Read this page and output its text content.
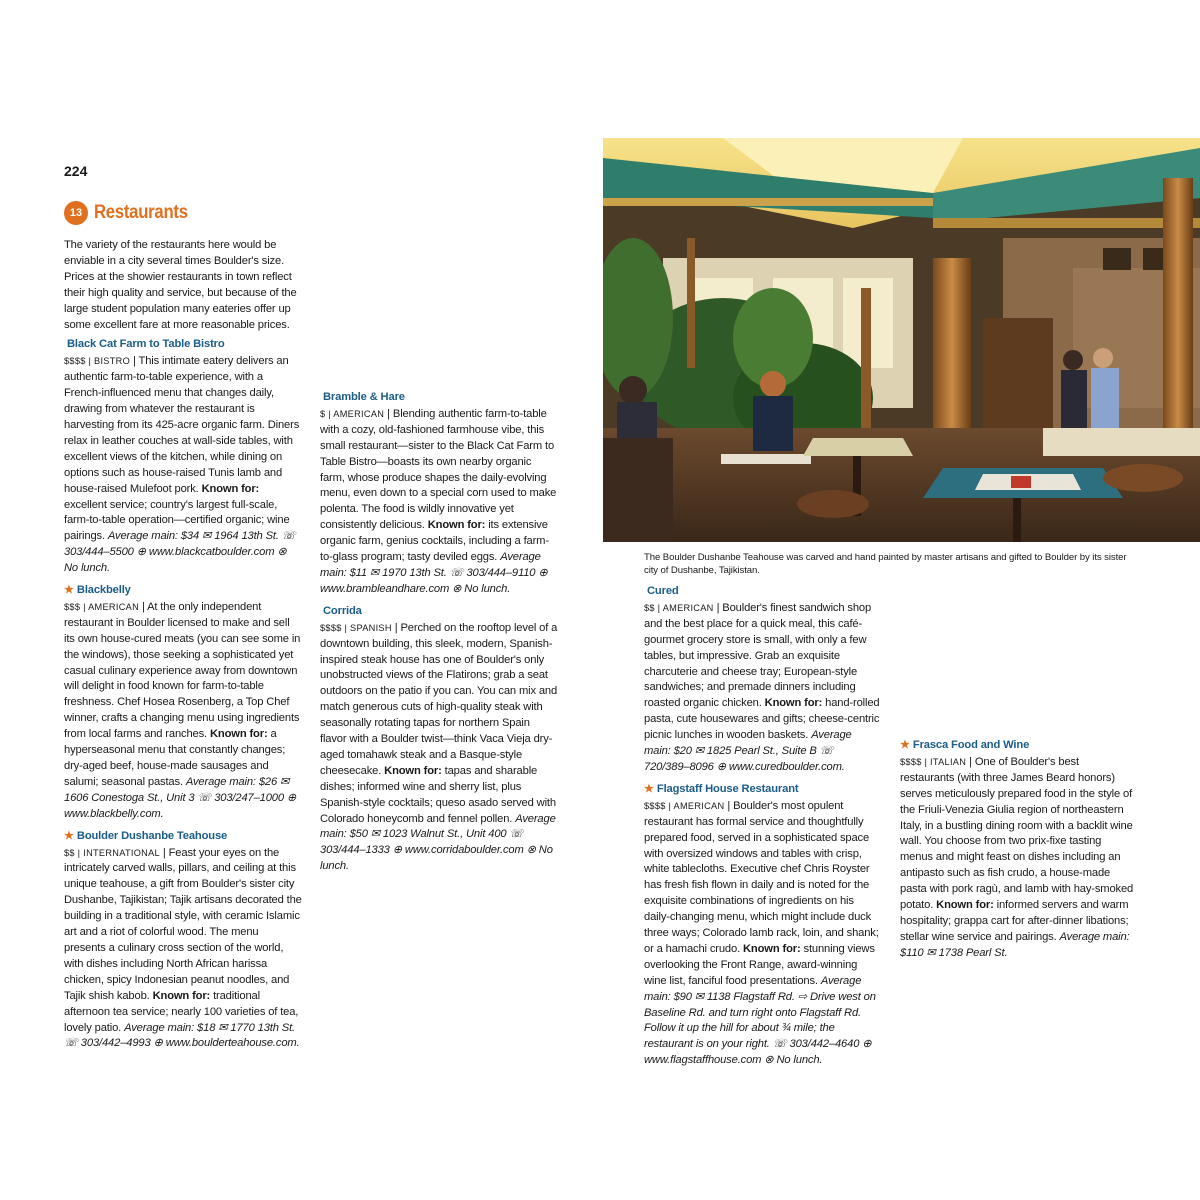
224
13 Restaurants

The variety of the restaurants here would be enviable in a city several times Boulder's size. Prices at the showier restaurants in town reflect their high quality and service, but because of the large student population many eateries offer up some excellent fare at more reasonable prices.

Black Cat Farm to Table Bistro
$$$$ | BISTRO | This intimate eatery delivers an authentic farm-to-table experience, with a French-influenced menu that changes daily, drawing from whatever the restaurant is harvesting from its 425-acre organic farm. Diners relax in leather couches at wall-side tables, with excellent views of the kitchen, while dining on options such as house-raised Tunis lamb and house-raised Mulefoot pork. Known for: excellent service; country's largest full-scale, farm-to-table operation—certified organic; wine pairings. Average main: $34 ✉ 1964 13th St. ☏ 303/444–5500 ⊕ www.blackcatboulder.com ⊗ No lunch.
★ Blackbelly
$$$ | AMERICAN | At the only independent restaurant in Boulder licensed to make and sell its own house-cured meats (you can see some in the windows), those seeking a sophisticated yet casual culinary experience away from downtown will delight in food known for farm-to-table freshness. Chef Hosea Rosenberg, a Top Chef winner, crafts a changing menu using ingredients from local farms and ranches. Known for: a hyperseasonal menu that constantly changes; dry-aged beef, house-made sausages and salumi; seasonal pastas. Average main: $26 ✉ 1606 Conestoga St., Unit 3 ☏ 303/247–1000 ⊕ www.blackbelly.com.
★ Boulder Dushanbe Teahouse
$$ | INTERNATIONAL | Feast your eyes on the intricately carved walls, pillars, and ceiling at this unique teahouse, a gift from Boulder's sister city Dushanbe, Tajikistan; Tajik artisans decorated the building in a traditional style, with ceramic Islamic art and a riot of colorful wood. The menu presents a culinary cross section of the world, with dishes including North African harissa chicken, spicy Indonesian peanut noodles, and Tajik shish kabob. Known for: traditional afternoon tea service; nearly 100 varieties of tea, lovely patio. Average main: $18 ✉ 1770 13th St. ☏ 303/442–4993 ⊕ www.boulderteahouse.com.
Bramble & Hare
$ | AMERICAN | Blending authentic farm-to-table with a cozy, old-fashioned farmhouse vibe, this small restaurant—sister to the Black Cat Farm to Table Bistro—boasts its own nearby organic farm, whose produce shapes the daily-evolving menu, even down to a special corn used to make polenta. The food is wildly innovative yet consistently delicious. Known for: its extensive organic farm, genius cocktails, including a farm-to-glass program; tasty deviled eggs. Average main: $11 ✉ 1970 13th St. ☏ 303/444–9110 ⊕ www.brambleandhare.com ⊗ No lunch.
Corrida
$$$$ | SPANISH | Perched on the rooftop level of a downtown building, this sleek, modern, Spanish-inspired steak house has one of Boulder's only unobstructed views of the Flatirons; grab a seat outdoors on the patio if you can. You can mix and match generous cuts of high-quality steak with seasonally rotating tapas for northern Spain flavor with a Boulder twist—think Vaca Vieja dry-aged tomahawk steak and a Basque-style cheesecake. Known for: tapas and sharable dishes; informed wine and sherry list, plus Spanish-style cocktails; queso asado served with Colorado honeycomb and fennel pollen. Average main: $50 ✉ 1023 Walnut St., Unit 400 ☏ 303/444–1333 ⊕ www.corridaboulder.com ⊗ No lunch.
The Boulder Dushanbe Teahouse was carved and hand painted by master artisans and gifted to Boulder by its sister city of Dushanbe, Tajikistan.
Cured
$$ | AMERICAN | Boulder's finest sandwich shop and the best place for a quick meal, this café-gourmet grocery store is small, with only a few tables, but impressive. Grab an exquisite charcuterie and cheese tray; European-style sandwiches; and premade dinners including roasted organic chicken. Known for: hand-rolled pasta, cute housewares and gifts; cheese-centric picnic lunches in wooden baskets. Average main: $20 ✉ 1825 Pearl St., Suite B ☏ 720/389–8096 ⊕ www.curedboulder.com.
★ Flagstaff House Restaurant
$$$$ | AMERICAN | Boulder's most opulent restaurant has formal service and thoughtfully prepared food, served in a sophisticated space with oversized windows and tables with crisp, white tablecloths. Executive chef Chris Royster has fresh fish flown in daily and is noted for the exquisite combinations of ingredients on his daily-changing menu, which might include duck three ways; Colorado lamb rack, loin, and shank; or a hamachi crudo. Known for: stunning views overlooking the Front Range, award-winning wine list, fanciful food presentations. Average main: $90 ✉ 1138 Flagstaff Rd. ⇨ Drive west on Baseline Rd. and turn right onto Flagstaff Rd. Follow it up the hill for about ¾ mile; the restaurant is on your right. ☏ 303/442–4640 ⊕ www.flagstaffhouse.com ⊗ No lunch.
★ Frasca Food and Wine
$$$$ | ITALIAN | One of Boulder's best restaurants (with three James Beard honors) serves meticulously prepared food in the style of the Friuli-Venezia Giulia region of northeastern Italy, in a bustling dining room with a backlit wine wall. You choose from two prix-fixe tasting menus and might feast on dishes including an antipasto such as fish crudo, a house-made pasta with pork ragù, and lamb with hay-smoked potato. Known for: informed servers and warm hospitality; grappa cart for after-dinner libations; stellar wine service and pairings. Average main: $110 ✉ 1738 Pearl St.
